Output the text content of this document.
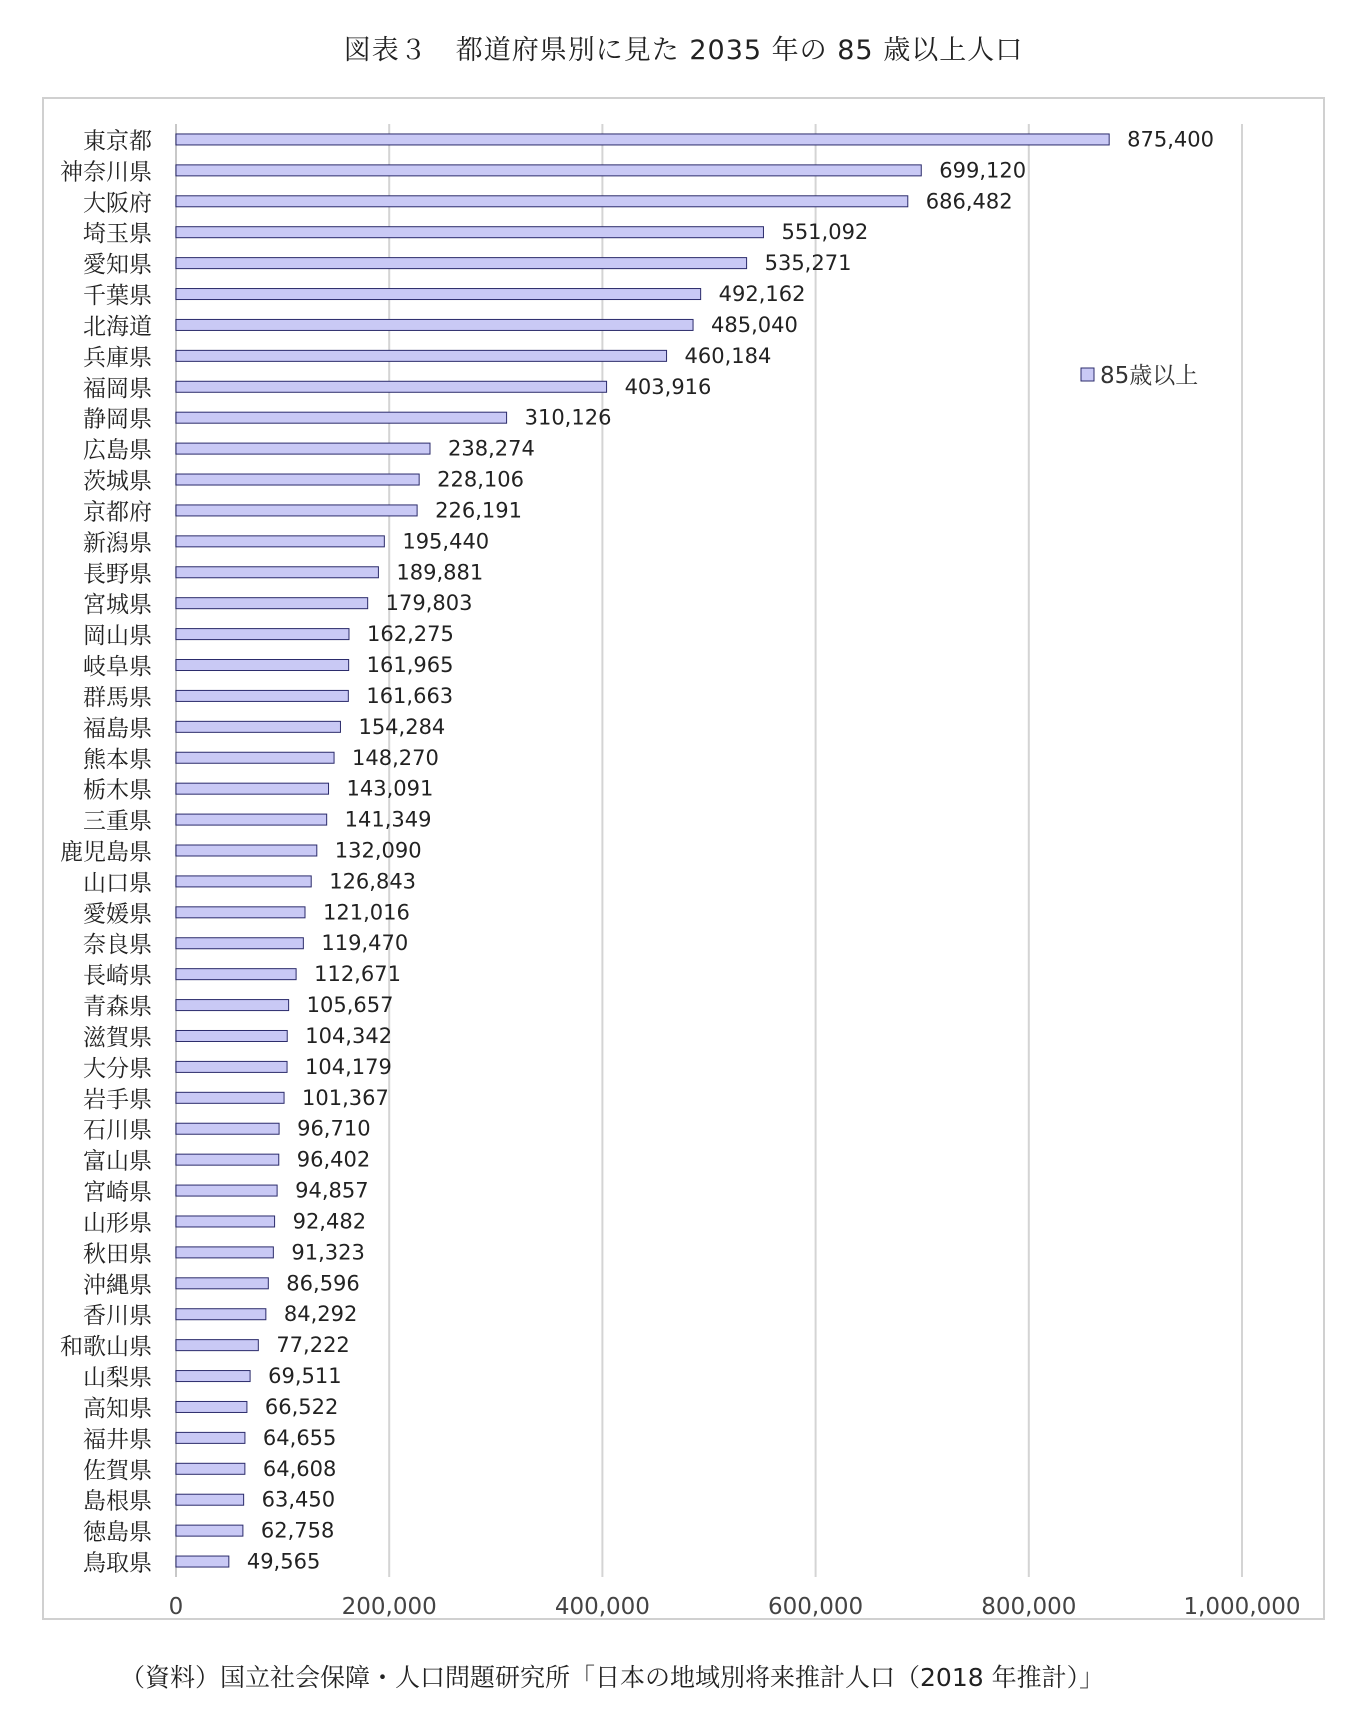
図表３　都道府県別に見た 2035 年の 85 歳以上人口
0	200,000	400,000	600,000	800,000	1,000,000
東京都	875,400
神奈川県	699,120
大阪府	686,482
埼玉県	551,092
愛知県	535,271
千葉県	492,162
北海道	485,040
兵庫県	460,184
福岡県	403,916
静岡県	310,126
広島県	238,274
茨城県	228,106
京都府	226,191
新潟県	195,440
長野県	189,881
宮城県	179,803
岡山県	162,275
岐阜県	161,965
群馬県	161,663
福島県	154,284
熊本県	148,270
栃木県	143,091
三重県	141,349
鹿児島県	132,090
山口県	126,843
愛媛県	121,016
奈良県	119,470
長崎県	112,671
青森県	105,657
滋賀県	104,342
大分県	104,179
岩手県	101,367
石川県	96,710
富山県	96,402
宮崎県	94,857
山形県	92,482
秋田県	91,323
沖縄県	86,596
香川県	84,292
和歌山県	77,222
山梨県	69,511
高知県	66,522
福井県	64,655
佐賀県	64,608
島根県	63,450
徳島県	62,758
鳥取県	49,565
85歳以上
（資料）国立社会保障・人口問題研究所「日本の地域別将来推計人口（2018 年推計）」
